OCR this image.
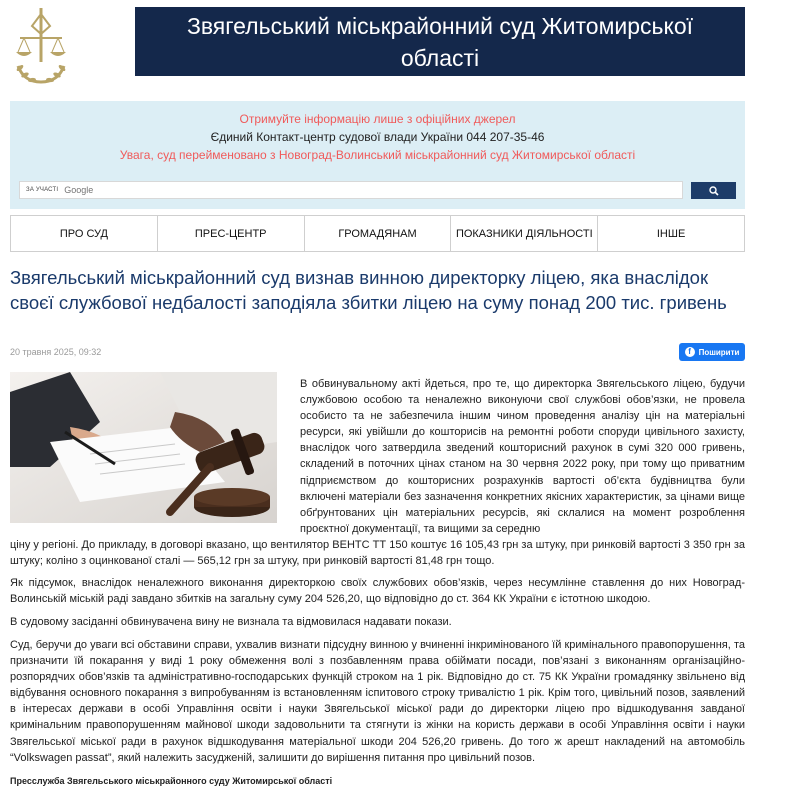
Звягельський міськрайонний суд Житомирської області
Отримуйте інформацію лише з офіційних джерел
Єдиний Контакт-центр судової влади України 044 207-35-46
Увага, суд перейменовано з Новоград-Волинський міськрайонний суд Житомирської області
ЗА УЧАСТІ
Google
ПРО СУД	ПРЕС-ЦЕНТР	ГРОМАДЯНАМ	ПОКАЗНИКИ ДІЯЛЬНОСТІ	ІНШЕ
Звягельський міськрайонний суд визнав винною директорку ліцею, яка внаслідок своєї службової недбалості заподіяла збитки ліцею на суму понад 200 тис. гривень
20 травня 2025, 09:32	f Поширити

В обвинувальному акті йдеться, про те, що директорка Звягельського ліцею, будучи службовою особою та неналежно виконуючи свої службові обов’язки, не провела особисто та не забезпечила іншим чином проведення аналізу цін на матеріальні ресурси, які увійшли до кошторисів на ремонтні роботи споруди цивільного захисту, внаслідок чого затвердила зведений кошторисний рахунок в сумі 320 000 гривень, складений в поточних цінах станом на 30 червня 2022 року, при тому що приватним підприємством до кошторисних розрахунків вартості об’єкта будівництва були включені матеріали без зазначення конкретних якісних характеристик, за цінами вище обґрунтованих цін матеріальних ресурсів, які склалися на момент розроблення проєктної документації, та вищими за середню

ціну у регіоні. До прикладу, в договорі вказано, що вентилятор ВЕНТС ТТ 150 коштує 16 105,43 грн за штуку, при ринковій вартості 3 350 грн за штуку; коліно з оцинкованої сталі — 565,12 грн за штуку, при ринковій вартості 81,48 грн тощо.

Як підсумок, внаслідок неналежного виконання директоркою своїх службових обов’язків, через несумлінне ставлення до них Новоград-Волинській міській раді завдано збитків на загальну суму 204 526,20, що відповідно до ст. 364 КК України є істотною шкодою.

В судовому засіданні обвинувачена вину не визнала та відмовилася надавати покази.

Суд, беручи до уваги всі обставини справи, ухвалив визнати підсудну винною у вчиненні інкримінованого їй кримінального правопорушення, та призначити їй покарання у виді 1 року обмеження волі з позбавленням права обіймати посади, пов’язані з виконанням організаційно-розпорядчих обов’язків та адміністративно-господарських функцій строком на 1 рік. Відповідно до ст. 75 КК України громадянку звільнено від відбування основного покарання з випробуванням із встановленням іспитового строку тривалістю 1 рік. Крім того, цивільний позов, заявлений в інтересах держави в особі Управління освіти і науки Звягельської міської ради до директорки ліцею про відшкодування завданої кримінальним правопорушенням майнової шкоди задовольнити та стягнути із жінки на користь держави в особі Управління освіти і науки Звягельської міської ради в рахунок відшкодування матеріальної шкоди 204 526,20 гривень. До того ж арешт накладений на автомобіль “Volkswagen passat”, який належить засудженій, залишити до вирішення питання про цивільний позов.

Пресслужба Звягельського міськрайонного суду Житомирської області
